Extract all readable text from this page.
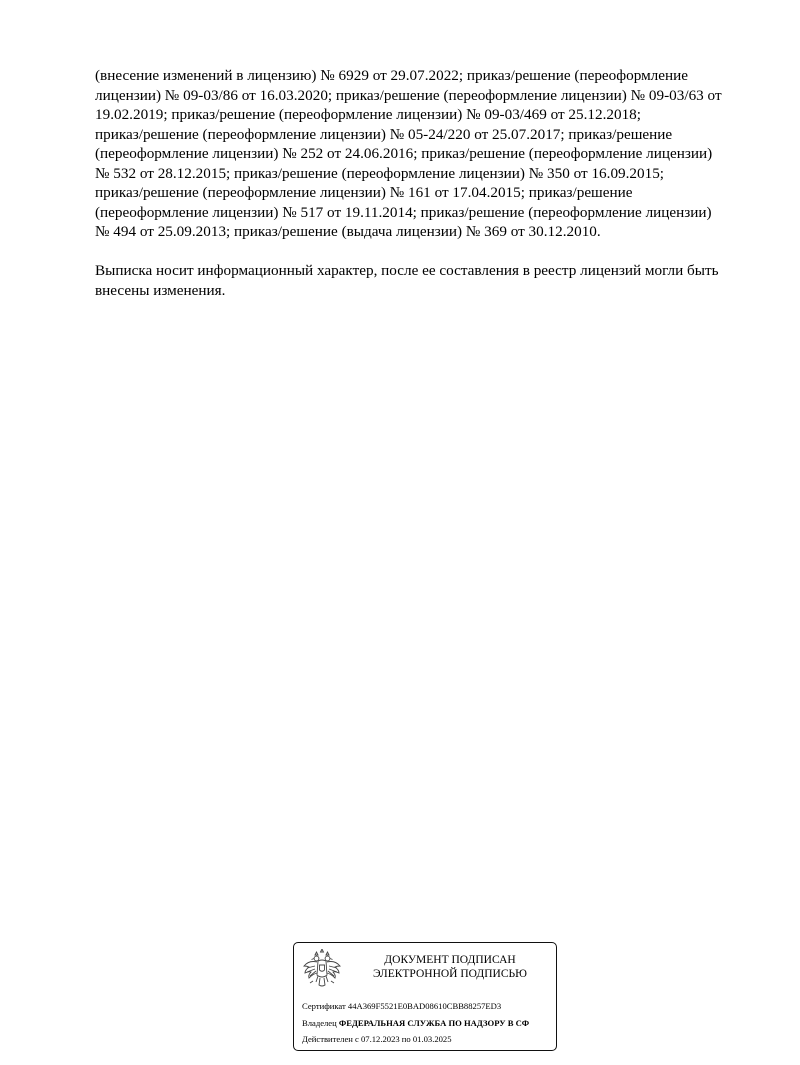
(внесение изменений в лицензию) № 6929 от 29.07.2022; приказ/решение (переоформление
лицензии) № 09-03/86 от 16.03.2020; приказ/решение (переоформление лицензии) № 09-03/63 от
19.02.2019; приказ/решение (переоформление лицензии) № 09-03/469 от 25.12.2018;
приказ/решение (переоформление лицензии) № 05-24/220 от 25.07.2017; приказ/решение
(переоформление лицензии) № 252 от 24.06.2016; приказ/решение (переоформление лицензии)
№ 532 от 28.12.2015; приказ/решение (переоформление лицензии) № 350 от 16.09.2015;
приказ/решение (переоформление лицензии) № 161 от 17.04.2015; приказ/решение
(переоформление лицензии) № 517 от 19.11.2014; приказ/решение (переоформление лицензии)
№ 494 от 25.09.2013; приказ/решение (выдача лицензии) № 369 от 30.12.2010.
Выписка носит информационный характер, после ее составления в реестр лицензий могли быть
внесены изменения.
ДОКУМЕНТ ПОДПИСАН
ЭЛЕКТРОННОЙ ПОДПИСЬЮ
Сертификат 44A369F5521E0BAD08610CBB88257ED3
Владелец ФЕДЕРАЛЬНАЯ СЛУЖБА ПО НАДЗОРУ В СФ
Действителен с 07.12.2023 по 01.03.2025
